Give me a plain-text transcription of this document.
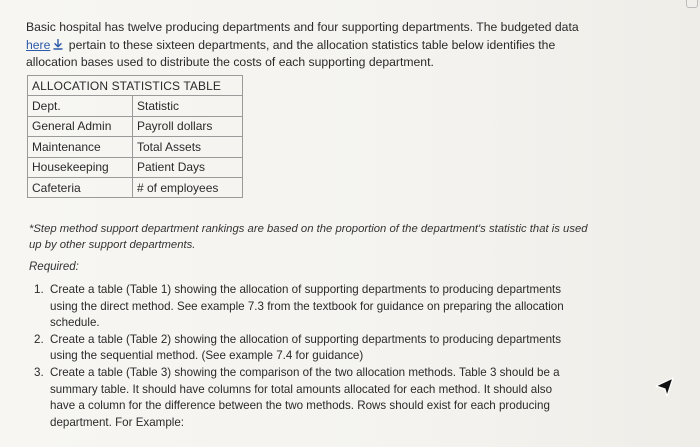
Basic hospital has twelve producing departments and four supporting departments. The budgeted data
here pertain to these sixteen departments, and the allocation statistics table below identifies the allocation bases used to distribute the costs of each supporting department.
ALLOCATION STATISTICS TABLE	
Dept.	Statistic
General Admin	Payroll dollars
Maintenance	Total Assets
Housekeeping	Patient Days
Cafeteria	# of employees
*Step method support department rankings are based on the proportion of the department's statistic that is used up by other support departments.
Required:
1. Create a table (Table 1) showing the allocation of supporting departments to producing departments using the direct method. See example 7.3 from the textbook for guidance on preparing the allocation schedule.
2. Create a table (Table 2) showing the allocation of supporting departments to producing departments using the sequential method. (See example 7.4 for guidance)
3. Create a table (Table 3) showing the comparison of the two allocation methods. Table 3 should be a summary table. It should have columns for total amounts allocated for each method. It should also have a column for the difference between the two methods. Rows should exist for each producing department. For Example:
